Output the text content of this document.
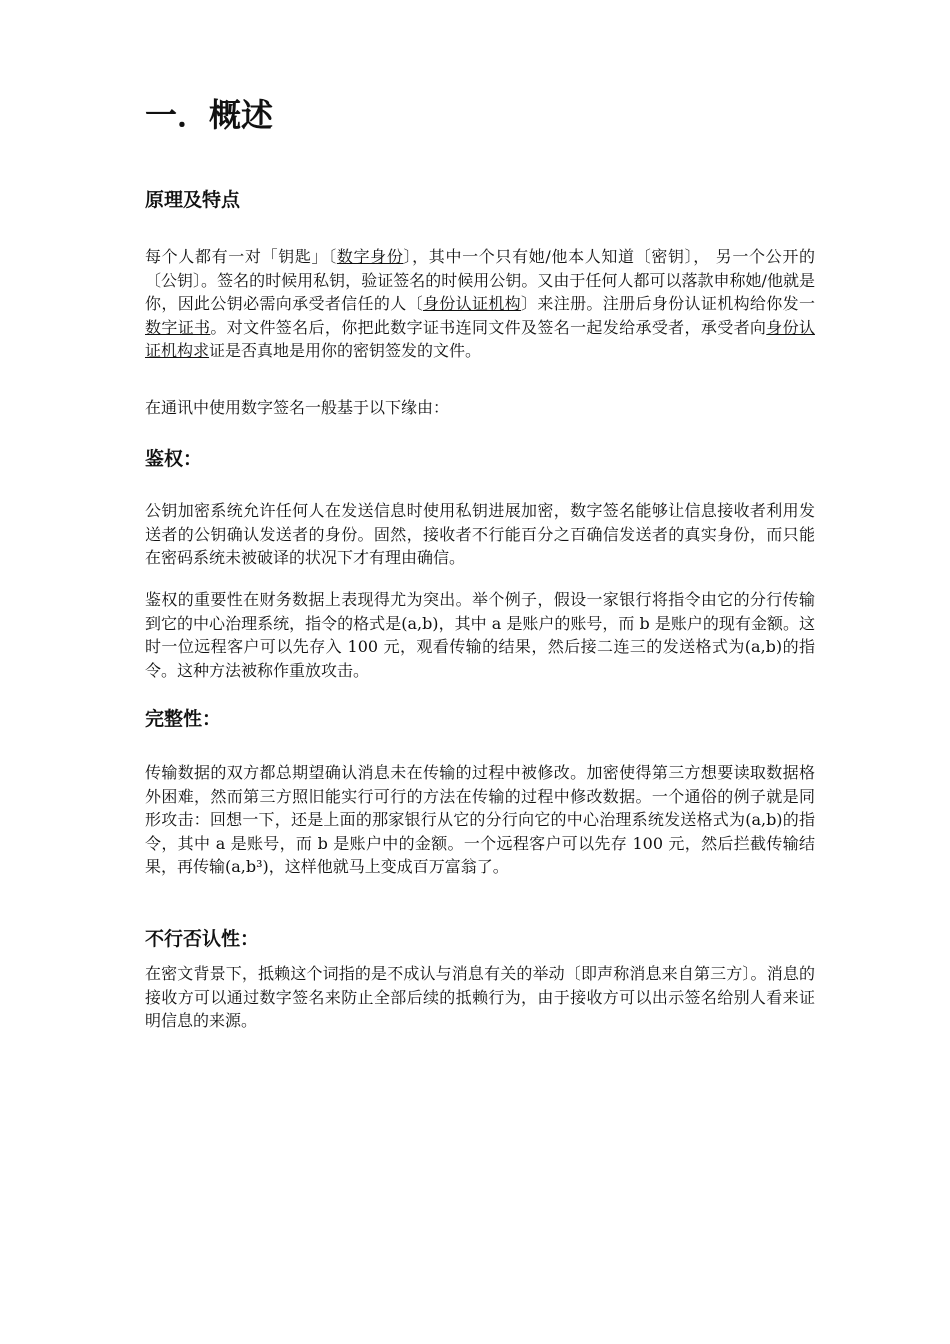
一．概述
原理及特点

每个人都有一对「钥匙」〔数字身份〕，其中一个只有她/他本人知道〔密钥〕， 另一个公开的〔公钥〕。签名的时候用私钥，验证签名的时候用公钥。又由于任何人都可以落款申称她/他就是你，因此公钥必需向承受者信任的人〔身份认证机构〕来注册。注册后身份认证机构给你发一数字证书。对文件签名后，你把此数字证书连同文件及签名一起发给承受者，承受者向身份认证机构求证是否真地是用你的密钥签发的文件。

在通讯中使用数字签名一般基于以下缘由：

鉴权：

公钥加密系统允许任何人在发送信息时使用私钥进展加密，数字签名能够让信息接收者利用发送者的公钥确认发送者的身份。固然，接收者不行能百分之百确信发送者的真实身份，而只能在密码系统未被破译的状况下才有理由确信。

鉴权的重要性在财务数据上表现得尤为突出。举个例子，假设一家银行将指令由它的分行传输到它的中心治理系统，指令的格式是(a,b)，其中 a 是账户的账号，而 b 是账户的现有金额。这时一位远程客户可以先存入 100 元，观看传输的结果，然后接二连三的发送格式为(a,b)的指令。这种方法被称作重放攻击。

完整性：

传输数据的双方都总期望确认消息未在传输的过程中被修改。加密使得第三方想要读取数据格外困难，然而第三方照旧能实行可行的方法在传输的过程中修改数据。一个通俗的例子就是同形攻击：回想一下，还是上面的那家银行从它的分行向它的中心治理系统发送格式为(a,b)的指令，其中 a 是账号，而 b 是账户中的金额。一个远程客户可以先存 100 元，然后拦截传输结果，再传输(a,b³)，这样他就马上变成百万富翁了。

不行否认性：

在密文背景下，抵赖这个词指的是不成认与消息有关的举动〔即声称消息来自第三方〕。消息的接收方可以通过数字签名来防止全部后续的抵赖行为，由于接收方可以出示签名给别人看来证明信息的来源。
